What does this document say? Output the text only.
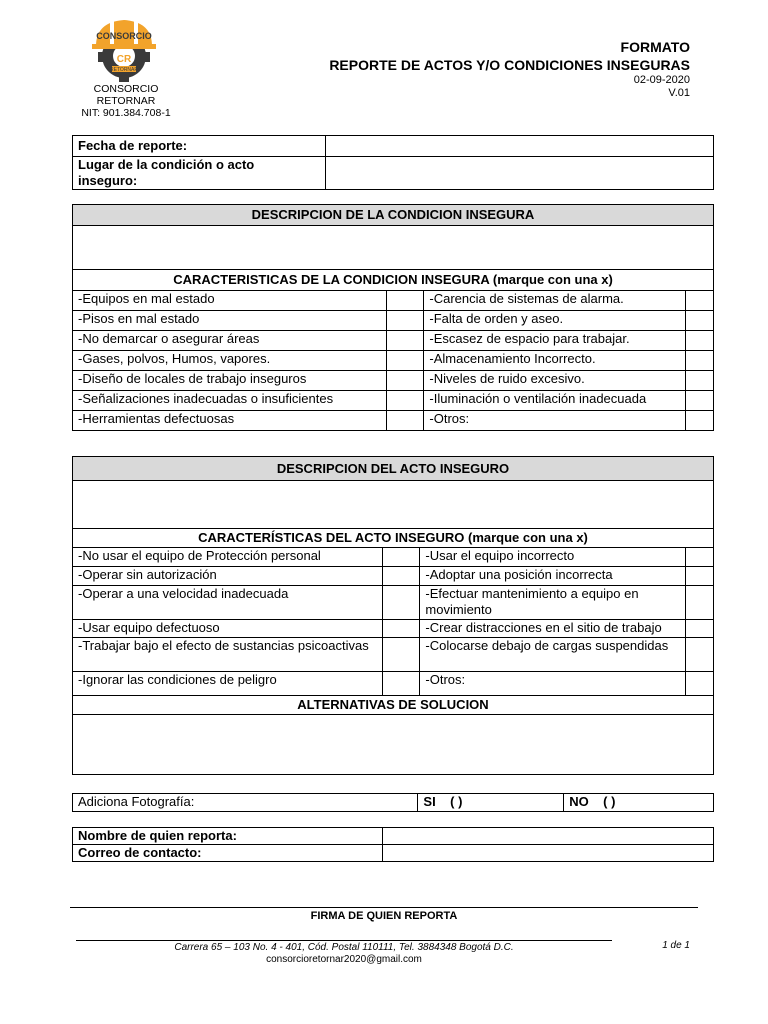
CONSORCIO
CR
RETORNAR
CONSORCIO
RETORNAR
NIT: 901.384.708-1
FORMATO
REPORTE DE ACTOS Y/O CONDICIONES INSEGURAS
02-09-2020
V.01
Fecha de reporte:	
Lugar de la condición o acto
inseguro:	
DESCRIPCION DE LA CONDICION INSEGURA			

CARACTERISTICAS DE LA CONDICION INSEGURA (marque con una x)			
-Equipos en mal estado		-Carencia de sistemas de alarma.	
-Pisos en mal estado		-Falta de orden y aseo.	
-No demarcar o asegurar áreas		-Escasez de espacio para trabajar.	
-Gases, polvos, Humos, vapores.		-Almacenamiento Incorrecto.	
-Diseño de locales de trabajo inseguros		-Niveles de ruido excesivo.	
-Señalizaciones inadecuadas o insuficientes		-Iluminación o ventilación inadecuada	
-Herramientas defectuosas		-Otros:	
DESCRIPCION DEL ACTO INSEGURO			

CARACTERÍSTICAS DEL ACTO INSEGURO (marque con una x)			
-No usar el equipo de Protección personal		-Usar el equipo incorrecto	
-Operar sin autorización		-Adoptar una posición incorrecta	
-Operar a una velocidad inadecuada		-Efectuar mantenimiento a equipo en movimiento	
-Usar equipo defectuoso		-Crear distracciones en el sitio de trabajo	
-Trabajar bajo el efecto de sustancias psicoactivas		-Colocarse debajo de cargas suspendidas	
-Ignorar las condiciones de peligro		-Otros:	
ALTERNATIVAS DE SOLUCION			

Adiciona Fotografía:	SI ( )	NO ( )
Nombre de quien reporta:	
Correo de contacto:	
FIRMA DE QUIEN REPORTA
Carrera 65 – 103 No. 4 - 401, Cód. Postal 110111, Tel. 3884348 Bogotá D.C.
consorcioretornar2020@gmail.com
1 de 1
